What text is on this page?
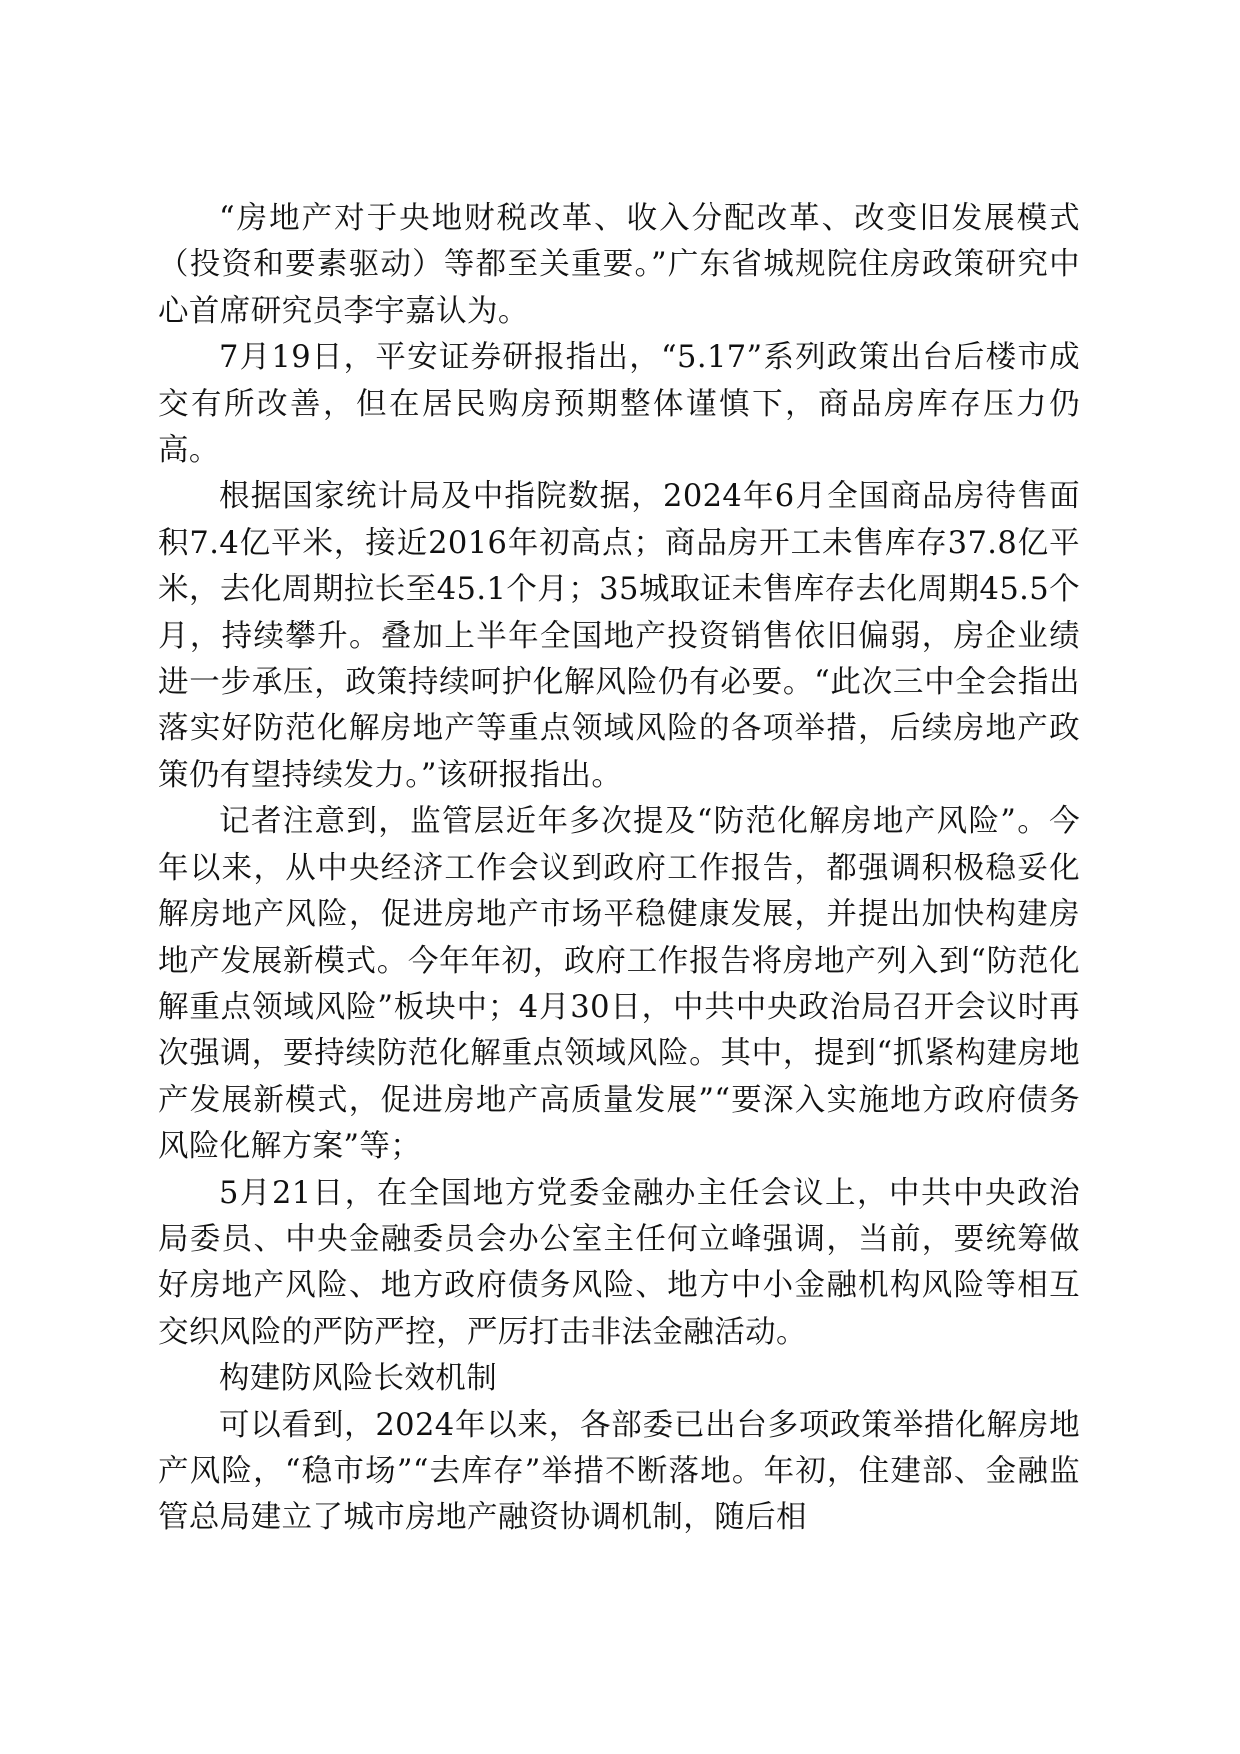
“房地产对于央地财税改革、收入分配改革、改变旧发展模式（投资和要素驱动）等都至关重要。”广东省城规院住房政策研究中心首席研究员李宇嘉认为。

7月19日，平安证券研报指出，“5.17”系列政策出台后楼市成交有所改善，但在居民购房预期整体谨慎下，商品房库存压力仍高。

根据国家统计局及中指院数据，2024年6月全国商品房待售面积7.4亿平米，接近2016年初高点；商品房开工未售库存37.8亿平米，去化周期拉长至45.1个月；35城取证未售库存去化周期45.5个月，持续攀升。叠加上半年全国地产投资销售依旧偏弱，房企业绩进一步承压，政策持续呵护化解风险仍有必要。“此次三中全会指出落实好防范化解房地产等重点领域风险的各项举措，后续房地产政策仍有望持续发力。”该研报指出。

记者注意到，监管层近年多次提及“防范化解房地产风险”。今年以来，从中央经济工作会议到政府工作报告，都强调积极稳妥化解房地产风险，促进房地产市场平稳健康发展，并提出加快构建房地产发展新模式。今年年初，政府工作报告将房地产列入到“防范化解重点领域风险”板块中；4月30日，中共中央政治局召开会议时再次强调，要持续防范化解重点领域风险。其中，提到“抓紧构建房地产发展新模式，促进房地产高质量发展”“要深入实施地方政府债务风险化解方案”等；

5月21日，在全国地方党委金融办主任会议上，中共中央政治局委员、中央金融委员会办公室主任何立峰强调，当前，要统筹做好房地产风险、地方政府债务风险、地方中小金融机构风险等相互交织风险的严防严控，严厉打击非法金融活动。

构建防风险长效机制

可以看到，2024年以来，各部委已出台多项政策举措化解房地产风险，“稳市场”“去库存”举措不断落地。年初，住建部、金融监管总局建立了城市房地产融资协调机制，随后相
